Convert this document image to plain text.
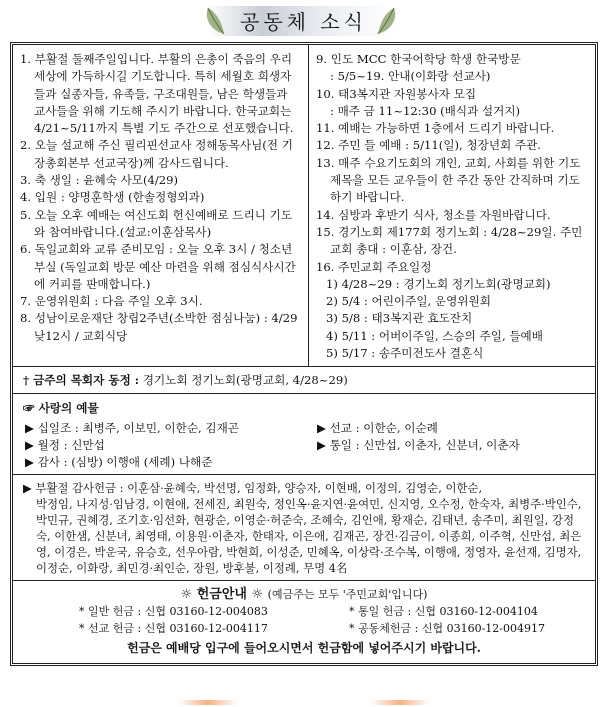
공동체 소식
1. 부활절 둘째주일입니다. 부활의 은총이 죽음의 우리 세상에 가득하시길 기도합니다. 특히 세월호 희생자들과 실종자들, 유족들, 구조대원들, 남은 학생들과 교사들을 위해 기도해 주시기 바랍니다. 한국교회는 4/21~5/11까지 특별 기도 주간으로 선포했습니다.
2. 오늘 설교해 주신 필리핀선교사 정해동목사님(전 기장총회본부 선교국장)께 감사드립니다.
3. 축 생일 : 윤혜숙 사모(4/29)
4. 입원 : 양명훈학생 (한솔정형외과)
5. 오늘 오후 예배는 여신도회 헌신예배로 드리니 기도와 참여바랍니다.(설교:이훈삼목사)
6. 독일교회와 교류 준비모임 : 오늘 오후 3시 / 청소년부실 (독일교회 방문 예산 마련을 위해 점심식사시간에 커피를 판매합니다.)
7. 운영위원회 : 다음 주일 오후 3시.
8. 성남이로운재단 창립2주년(소박한 점심나눔) : 4/29 낮12시 / 교회식당
9. 인도 MCC 한국어학당 학생 한국방문
: 5/5~19. 안내(이화랑 선교사)
10. 태3복지관 자원봉사자 모집
: 매주 금 11~12:30 (배식과 설거지)
11. 예배는 가능하면 1층에서 드리기 바랍니다.
12. 주민 들 예배 : 5/11(일), 청장년회 주관.
13. 매주 수요기도회의 개인, 교회, 사회를 위한 기도제목을 모든 교우들이 한 주간 동안 간직하며 기도하기 바랍니다.
14. 심방과 후반기 식사, 청소를 자원바랍니다.
15. 경기노회 제177회 정기노회 : 4/28~29일. 주민교회 총대 : 이훈삼, 장건.
16. 주민교회 주요일정
1) 4/28~29 : 경기노회 정기노회(광명교회)
2) 5/4 : 어린이주일, 운영위원회
3) 5/8 : 태3복지관 효도잔치
4) 5/11 : 어버이주일, 스승의 주일, 들예배
5) 5/17 : 송주미전도사 결혼식
† 금주의 목회자 동정 : 경기노회 정기노회(광명교회, 4/28~29)
☞ 사랑의 예물
▶ 십일조 : 최병주, 이보민, 이한순, 김재곤	▶ 선교 : 이한순, 이순례
▶ 월정 : 신만섭	▶ 통일 : 신만섭, 이춘자, 신분녀, 이춘자
▶ 감사 : (심방) 이행애 (세례) 나해준
▶ 부활절 감사헌금 : 이훈삼·윤혜숙, 박선명, 임정화, 양승자, 이현배, 이정의, 김영순, 이한순,
박정임, 나지성·임남경, 이현애, 전세진, 최원숙, 정인옥·윤지연·윤여민, 신지영, 오수정, 한숙자, 최병주·박인수, 박민규, 권혜경, 조기호·임선화, 현광순, 이영순·허준숙, 조혜숙, 김인애, 황재순, 김태년, 송주미, 최원일, 강정숙, 이한샘, 신분녀, 최영태, 이용원·이춘자, 한태자, 이은애, 김재곤, 장건·김금이, 이종희, 이주혁, 신만섭, 최은영, 이경은, 박운국, 유승호, 선우아람, 박현희, 이성준, 민혜옥, 이상락·조수복, 이행애, 정영자, 윤선재, 김명자, 이정순, 이화랑, 최민경·최인순, 장원, 방후불, 이정례, 무명 4名
☼ 헌금안내 ☼ (예금주는 모두 '주민교회'입니다)
* 일반 헌금 : 신협 03160-12-004083	* 통일 헌금 : 신협 03160-12-004104
* 선교 헌금 : 신협 03160-12-004117	* 공동체헌금 : 신협 03160-12-004917
헌금은 예배당 입구에 들어오시면서 헌금함에 넣어주시기 바랍니다.
